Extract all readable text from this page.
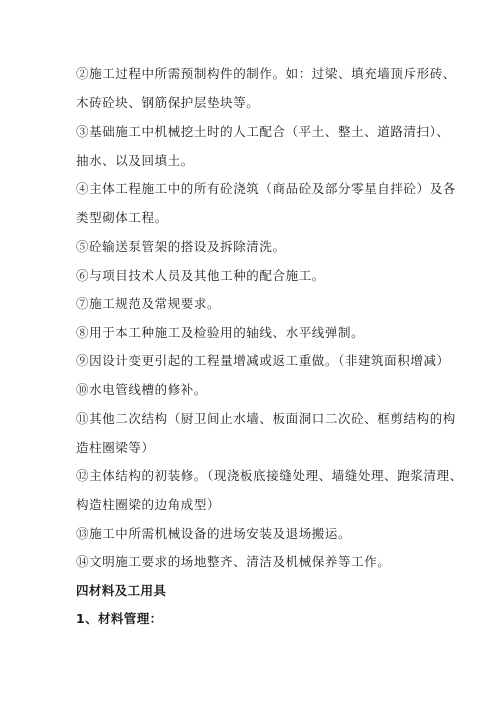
②施工过程中所需预制构件的制作。如：过梁、填充墙顶斥形砖、
木砖砼块、钢筋保护层垫块等。
③基础施工中机械挖土时的人工配合（平土、整土、道路清扫）、
抽水、以及回填土。
④主体工程施工中的所有砼浇筑（商品砼及部分零星自拌砼）及各
类型砌体工程。
⑤砼输送泵管架的搭设及拆除清洗。
⑥与项目技术人员及其他工种的配合施工。
⑦施工规范及常规要求。
⑧用于本工种施工及检验用的轴线、水平线弹制。
⑨因设计变更引起的工程量增减或返工重做。（非建筑面积增减）
⑩水电管线槽的修补。
⑪其他二次结构（厨卫间止水墙、板面洞口二次砼、框剪结构的构
造柱圈梁等）
⑫主体结构的初装修。（现浇板底接缝处理、墙缝处理、跑浆清理、
构造柱圈梁的边角成型）
⑬施工中所需机械设备的进场安装及退场搬运。
⑭文明施工要求的场地整齐、清洁及机械保养等工作。
四材料及工用具
1、材料管理：
